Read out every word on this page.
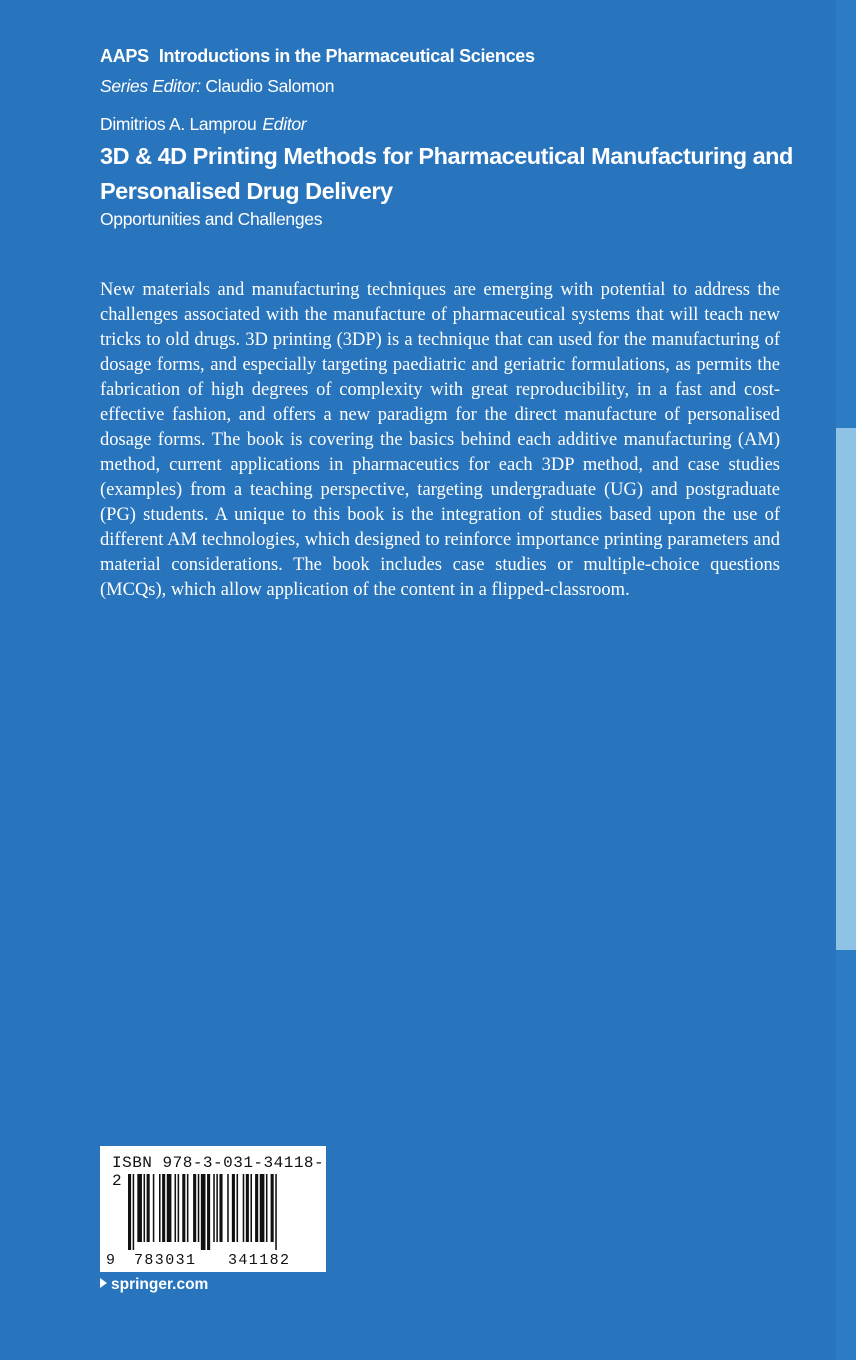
AAPS Introductions in the Pharmaceutical Sciences
Series Editor: Claudio Salomon
Dimitrios A. Lamprou Editor
3D & 4D Printing Methods for Pharmaceutical Manufacturing and Personalised Drug Delivery
Opportunities and Challenges
New materials and manufacturing techniques are emerging with potential to address the challenges associated with the manufacture of pharmaceutical systems that will teach new tricks to old drugs. 3D printing (3DP) is a technique that can used for the manufacturing of dosage forms, and especially targeting paediatric and geriatric formulations, as permits the fabrication of high degrees of complexity with great reproducibility, in a fast and cost-effective fashion, and offers a new paradigm for the direct manufacture of personalised dosage forms. The book is covering the basics behind each additive manufacturing (AM) method, current applications in pharmaceutics for each 3DP method, and case studies (examples) from a teaching perspective, targeting undergraduate (UG) and postgraduate (PG) students. A unique to this book is the integration of studies based upon the use of different AM technologies, which designed to reinforce importance printing parameters and material considerations. The book includes case studies or multiple-choice questions (MCQs), which allow application of the content in a flipped-classroom.
ISBN 978-3-031-34118-2
9 783031 341182
springer.com
